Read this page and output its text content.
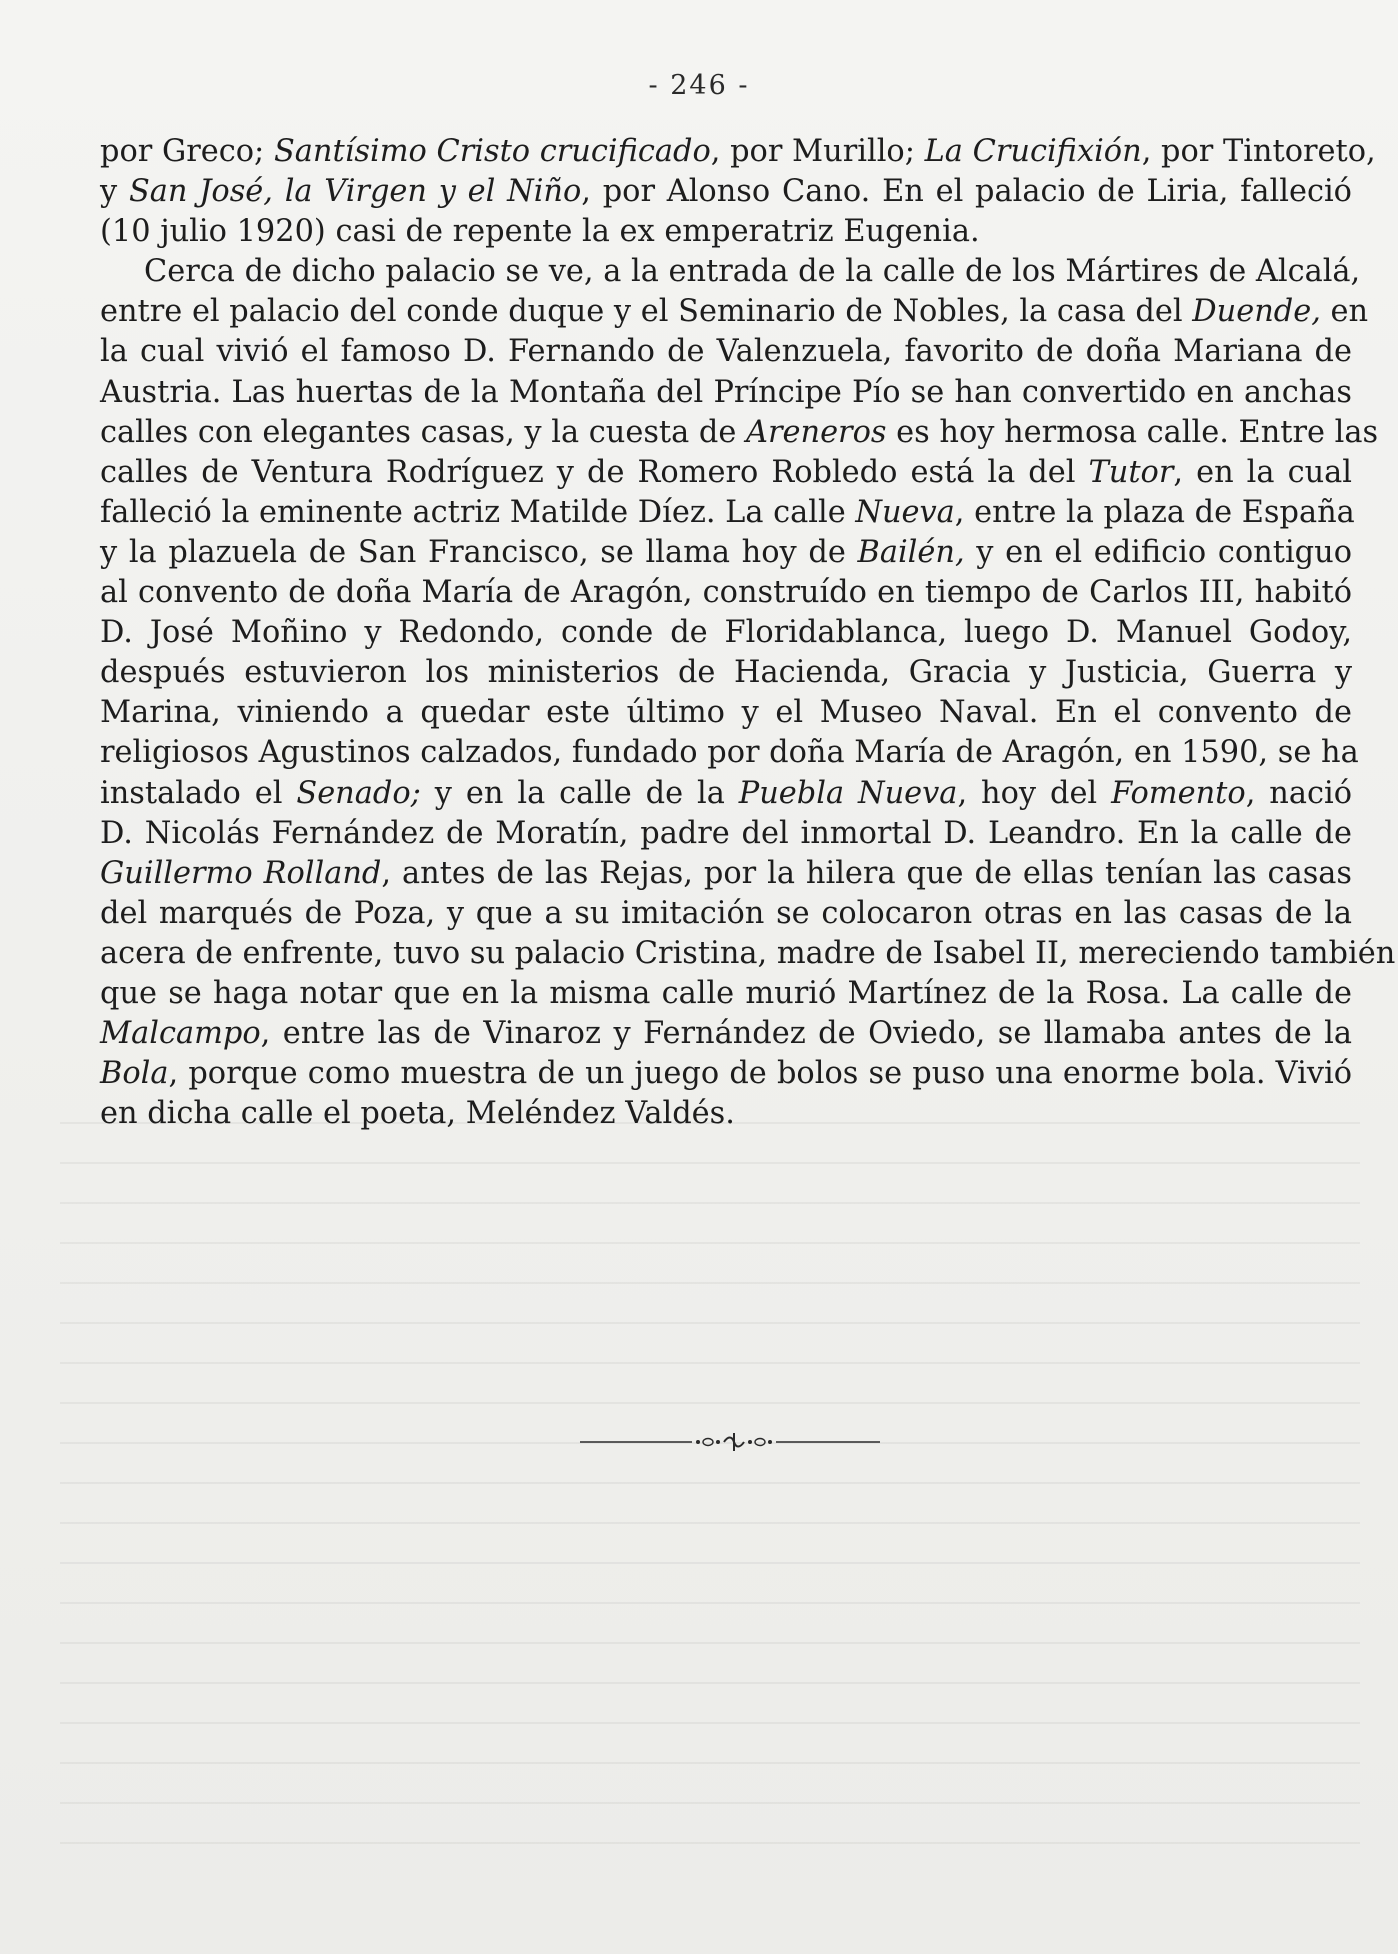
- 246 -
por Greco; Santísimo Cristo crucificado, por Murillo; La Crucifixión, por Tintoreto,
y San José, la Virgen y el Niño, por Alonso Cano. En el palacio de Liria, falleció
(10 julio 1920) casi de repente la ex emperatriz Eugenia.
Cerca de dicho palacio se ve, a la entrada de la calle de los Mártires de Alcalá,
entre el palacio del conde duque y el Seminario de Nobles, la casa del Duende, en
la cual vivió el famoso D. Fernando de Valenzuela, favorito de doña Mariana de
Austria. Las huertas de la Montaña del Príncipe Pío se han convertido en anchas
calles con elegantes casas, y la cuesta de Areneros es hoy hermosa calle. Entre las
calles de Ventura Rodríguez y de Romero Robledo está la del Tutor, en la cual
falleció la eminente actriz Matilde Díez. La calle Nueva, entre la plaza de España
y la plazuela de San Francisco, se llama hoy de Bailén, y en el edificio contiguo
al convento de doña María de Aragón, construído en tiempo de Carlos III, habitó
D. José Moñino y Redondo, conde de Floridablanca, luego D. Manuel Godoy,
después estuvieron los ministerios de Hacienda, Gracia y Justicia, Guerra y
Marina, viniendo a quedar este último y el Museo Naval. En el convento de
religiosos Agustinos calzados, fundado por doña María de Aragón, en 1590, se ha
instalado el Senado; y en la calle de la Puebla Nueva, hoy del Fomento, nació
D. Nicolás Fernández de Moratín, padre del inmortal D. Leandro. En la calle de
Guillermo Rolland, antes de las Rejas, por la hilera que de ellas tenían las casas
del marqués de Poza, y que a su imitación se colocaron otras en las casas de la
acera de enfrente, tuvo su palacio Cristina, madre de Isabel II, mereciendo también
que se haga notar que en la misma calle murió Martínez de la Rosa. La calle de
Malcampo, entre las de Vinaroz y Fernández de Oviedo, se llamaba antes de la
Bola, porque como muestra de un juego de bolos se puso una enorme bola. Vivió
en dicha calle el poeta, Meléndez Valdés.
